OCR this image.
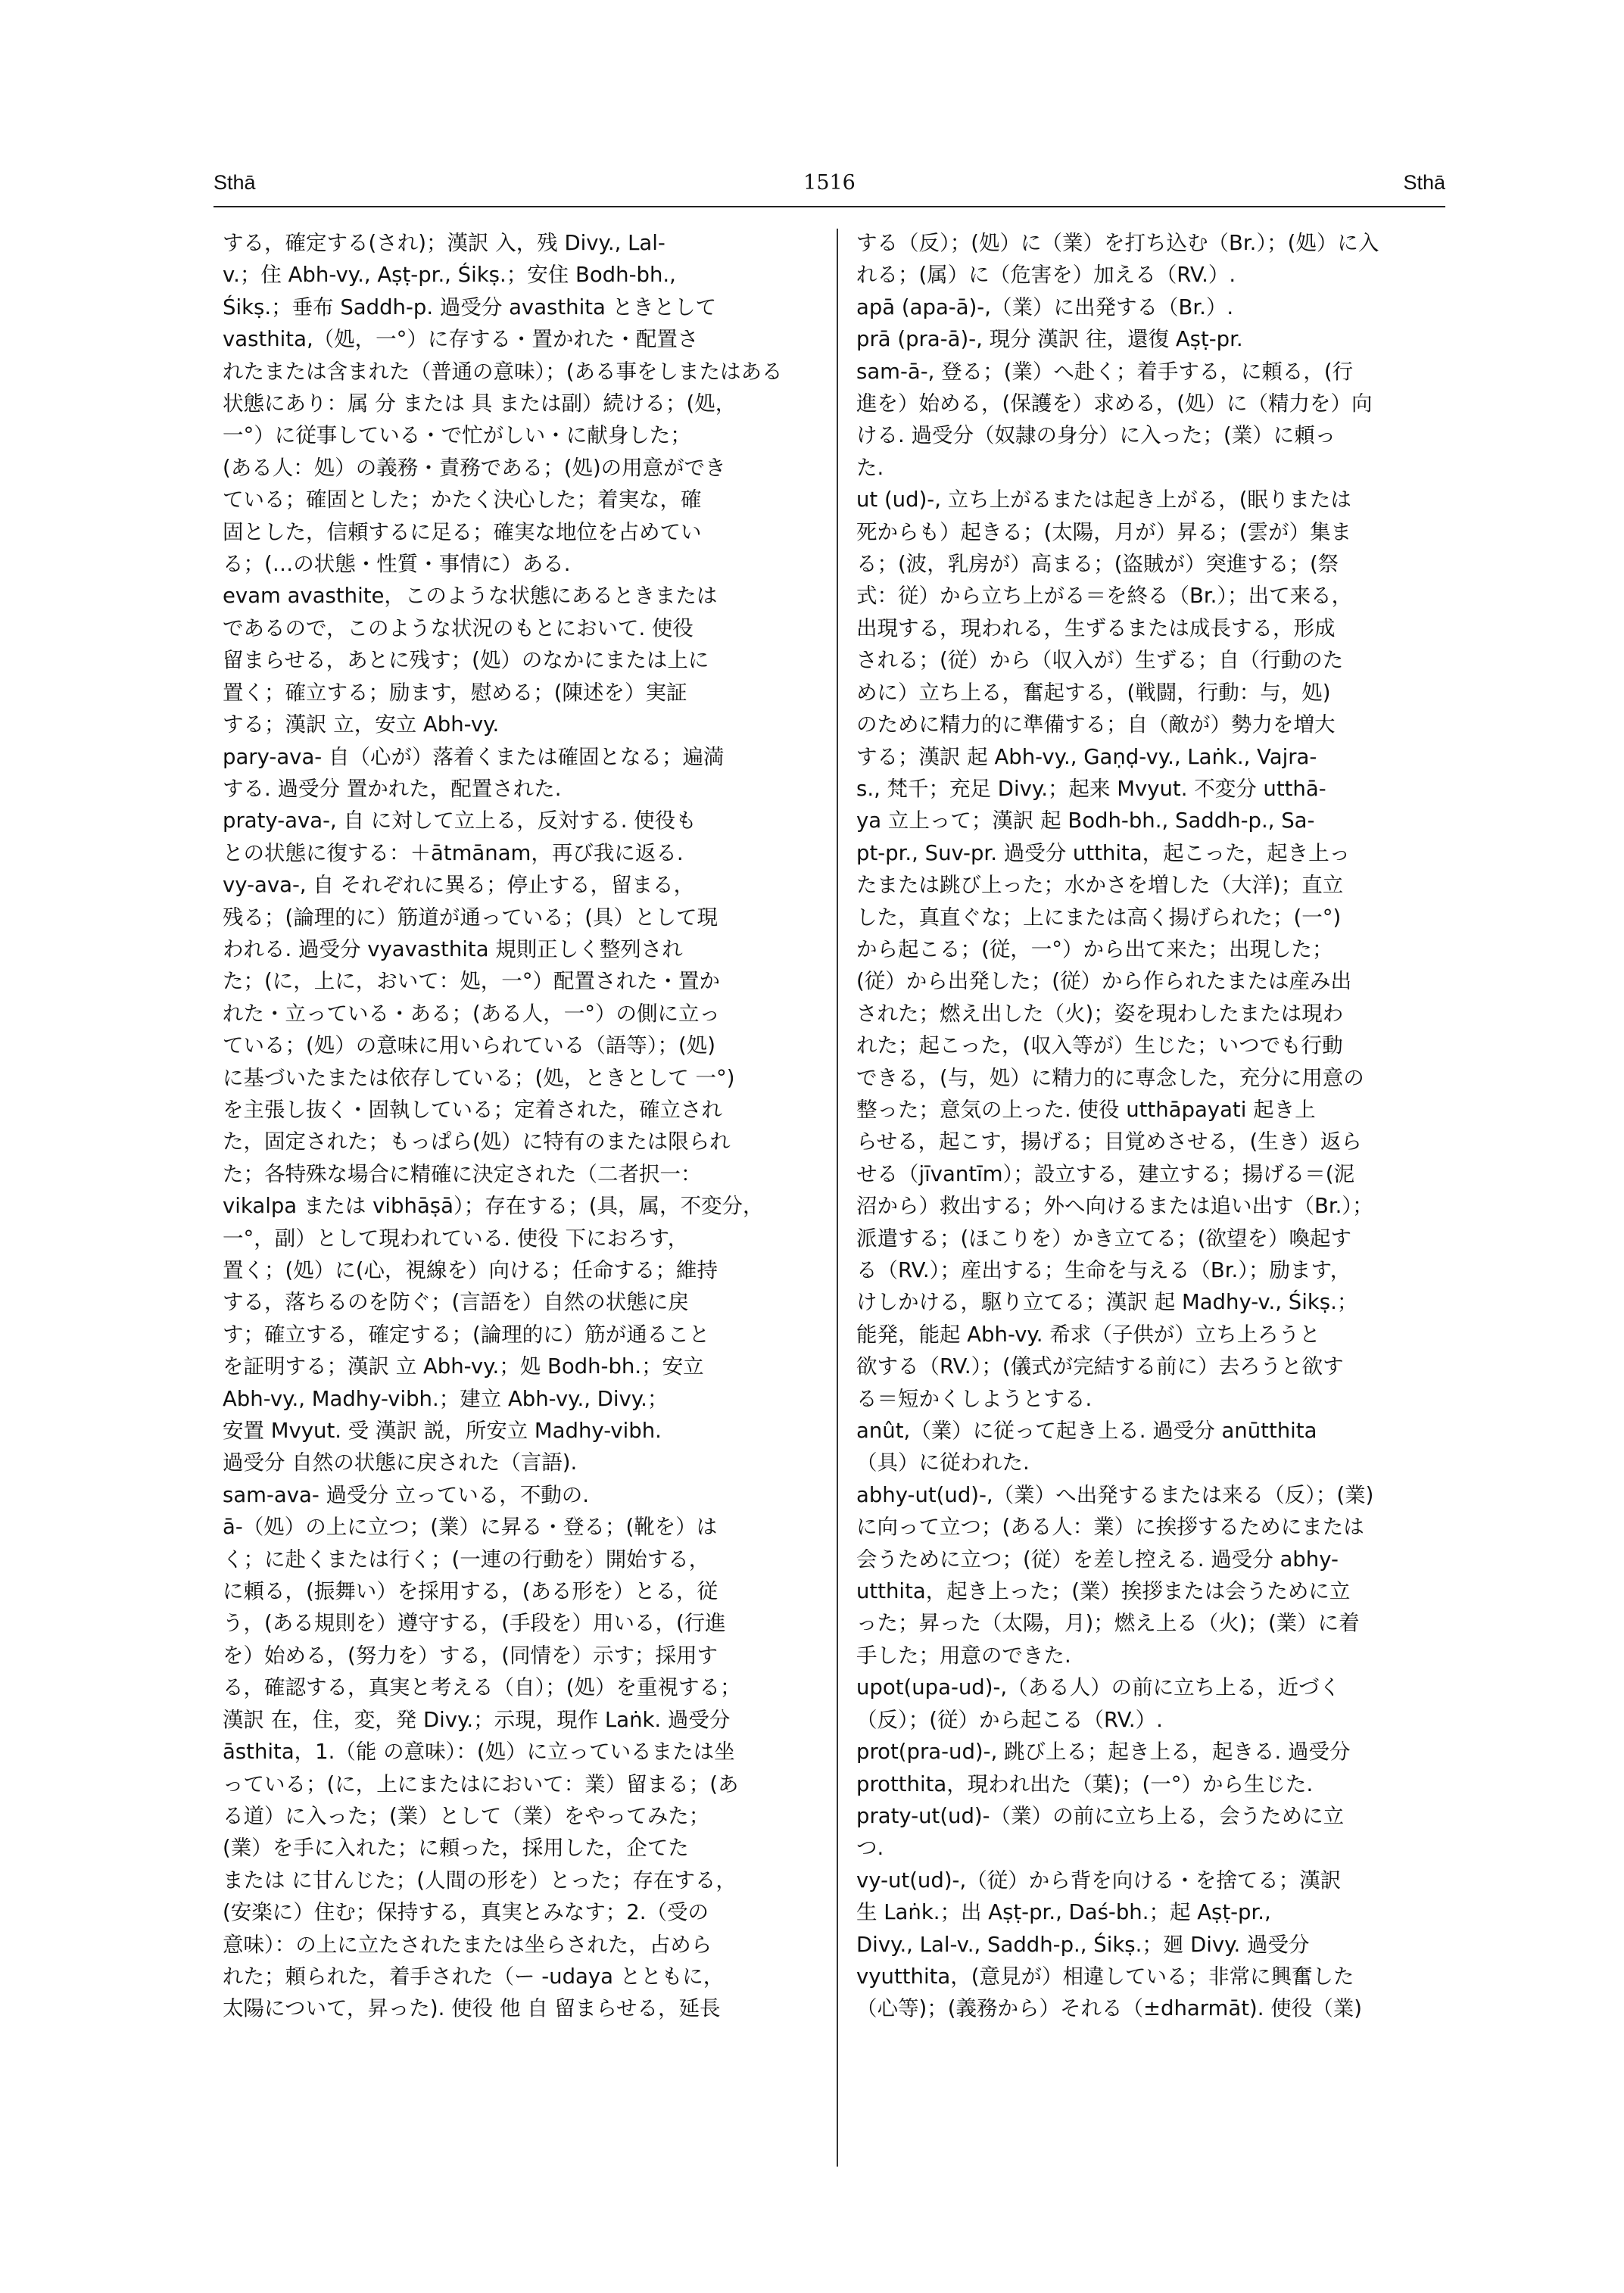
Sthā	1516	Sthā

する，確定する(され)；漢訳 入，残 Divy., Lal-

v.；住 Abh-vy., Aṣṭ-pr., Śikṣ.；安住 Bodh-bh.,

Śikṣ.；垂布 Saddh-p. 過受分 avasthita ときとして

vasthita,（処，一°）に存する・置かれた・配置さ

れたまたは含まれた（普通の意味）；(ある事をしまたはある

状態にあり：属 分 または 具 または副）続ける；(処，

一°）に従事している・で忙がしい・に献身した；

(ある人：処）の義務・責務である；(処)の用意ができ

ている；確固とした；かたく決心した；着実な，確

固とした，信頼するに足る；確実な地位を占めてい

る；(…の状態・性質・事情に）ある.

evam avasthite，このような状態にあるときまたは

であるので，このような状況のもとにおいて. 使役

留まらせる，あとに残す；(処）のなかにまたは上に

置く；確立する；励ます，慰める；(陳述を）実証

する；漢訳 立，安立 Abh-vy.

pary-ava- 自（心が）落着くまたは確固となる；遍満

する. 過受分 置かれた，配置された.

praty-ava-, 自 に対して立上る，反対する. 使役も

との状態に復する：＋ātmānam，再び我に返る.

vy-ava-, 自 それぞれに異る；停止する，留まる，

残る；(論理的に）筋道が通っている；(具）として現

われる. 過受分 vyavasthita 規則正しく整列され

た；(に，上に，おいて：処，一°）配置された・置か

れた・立っている・ある；(ある人，一°）の側に立っ

ている；(処）の意味に用いられている（語等）；(処)

に基づいたまたは依存している；(処，ときとして 一°)

を主張し抜く・固執している；定着された，確立され

た，固定された；もっぱら(処）に特有のまたは限られ

た；各特殊な場合に精確に決定された（二者択一：

vikalpa または vibhāṣā）；存在する；(具，属，不変分，

一°，副）として現われている. 使役 下におろす，

置く；(処）に(心，視線を）向ける；任命する；維持

する，落ちるのを防ぐ；(言語を）自然の状態に戻

す；確立する，確定する；(論理的に）筋が通ること

を証明する；漢訳 立 Abh-vy.；処 Bodh-bh.；安立

Abh-vy., Madhy-vibh.；建立 Abh-vy., Divy.；

安置 Mvyut. 受 漢訳 説，所安立 Madhy-vibh.

過受分 自然の状態に戻された（言語).

sam-ava- 過受分 立っている，不動の.

ā-（処）の上に立つ；(業）に昇る・登る；(靴を）は

く；に赴くまたは行く；(一連の行動を）開始する，

に頼る，(振舞い）を採用する，(ある形を）とる，従

う，(ある規則を）遵守する，(手段を）用いる，(行進

を）始める，(努力を）する，(同情を）示す；採用す

る，確認する，真実と考える（自）；(処）を重視する；

漢訳 在，住，変，発 Divy.；示現，現作 Laṅk. 過受分

āsthita，1.（能 の意味）：(処）に立っているまたは坐

っている；(に，上にまたはにおいて：業）留まる；(あ

る道）に入った；(業）として（業）をやってみた；

(業）を手に入れた；に頼った，採用した，企てた

または に甘んじた；(人間の形を）とった；存在する，

(安楽に）住む；保持する，真実とみなす；2.（受の

意味）：の上に立たされたまたは坐らされた，占めら

れた；頼られた，着手された（ー -udaya とともに，

太陽について，昇った). 使役 他 自 留まらせる，延長

する（反）；(処）に（業）を打ち込む（Br.）；(処）に入

れる；(属）に（危害を）加える（RV.）.

apā (apa-ā)-,（業）に出発する（Br.）.

prā (pra-ā)-, 現分 漢訳 往，還復 Aṣṭ-pr.

sam-ā-, 登る；(業）へ赴く；着手する，に頼る，(行

進を）始める，(保護を）求める，(処）に（精力を）向

ける. 過受分（奴隷の身分）に入った；(業）に頼っ

た.

ut (ud)-, 立ち上がるまたは起き上がる，(眠りまたは

死からも）起きる；(太陽，月が）昇る；(雲が）集ま

る；(波，乳房が）高まる；(盗賊が）突進する；(祭

式：従）から立ち上がる＝を終る（Br.）；出て来る，

出現する，現われる，生ずるまたは成長する，形成

される；(従）から（収入が）生ずる；自（行動のた

めに）立ち上る，奮起する，(戦闘，行動：与，処)

のために精力的に準備する；自（敵が）勢力を増大

する；漢訳 起 Abh-vy., Gaṇḍ-vy., Laṅk., Vajra-

s., 梵千；充足 Divy.；起来 Mvyut. 不変分 utthā-

ya 立上って；漢訳 起 Bodh-bh., Saddh-p., Sa-

pt-pr., Suv-pr. 過受分 utthita，起こった，起き上っ

たまたは跳び上った；水かさを増した（大洋)；直立

した，真直ぐな；上にまたは高く揚げられた；(一°)

から起こる；(従，一°）から出て来た；出現した；

(従）から出発した；(従）から作られたまたは産み出

された；燃え出した（火)；姿を現わしたまたは現わ

れた；起こった，(収入等が）生じた；いつでも行動

できる，(与，処）に精力的に専念した，充分に用意の

整った；意気の上った. 使役 utthāpayati 起き上

らせる，起こす，揚げる；目覚めさせる，(生き）返ら

せる（jīvantīm）；設立する，建立する；揚げる＝(泥

沼から）救出する；外へ向けるまたは追い出す（Br.）；

派遣する；(ほこりを）かき立てる；(欲望を）喚起す

る（RV.）；産出する；生命を与える（Br.）；励ます，

けしかける，駆り立てる；漢訳 起 Madhy-v., Śikṣ.；

能発，能起 Abh-vy. 希求（子供が）立ち上ろうと

欲する（RV.）；(儀式が完結する前に）去ろうと欲す

る＝短かくしようとする.

anût,（業）に従って起き上る. 過受分 anūtthita

（具）に従われた.

abhy-ut(ud)-,（業）へ出発するまたは来る（反）；(業)

に向って立つ；(ある人：業）に挨拶するためにまたは

会うために立つ；(従）を差し控える. 過受分 abhy-

utthita，起き上った；(業）挨拶または会うために立

った；昇った（太陽，月)；燃え上る（火)；(業）に着

手した；用意のできた.

upot(upa-ud)-,（ある人）の前に立ち上る，近づく

（反）；(従）から起こる（RV.）.

prot(pra-ud)-, 跳び上る；起き上る，起きる. 過受分

protthita，現われ出た（葉)；(一°）から生じた.

praty-ut(ud)-（業）の前に立ち上る，会うために立

つ.

vy-ut(ud)-,（従）から背を向ける・を捨てる；漢訳

生 Laṅk.；出 Aṣṭ-pr., Daś-bh.；起 Aṣṭ-pr.,

Divy., Lal-v., Saddh-p., Śikṣ.；廻 Divy. 過受分

vyutthita，(意見が）相違している；非常に興奮した

（心等)；(義務から）それる（±dharmāt). 使役（業)
